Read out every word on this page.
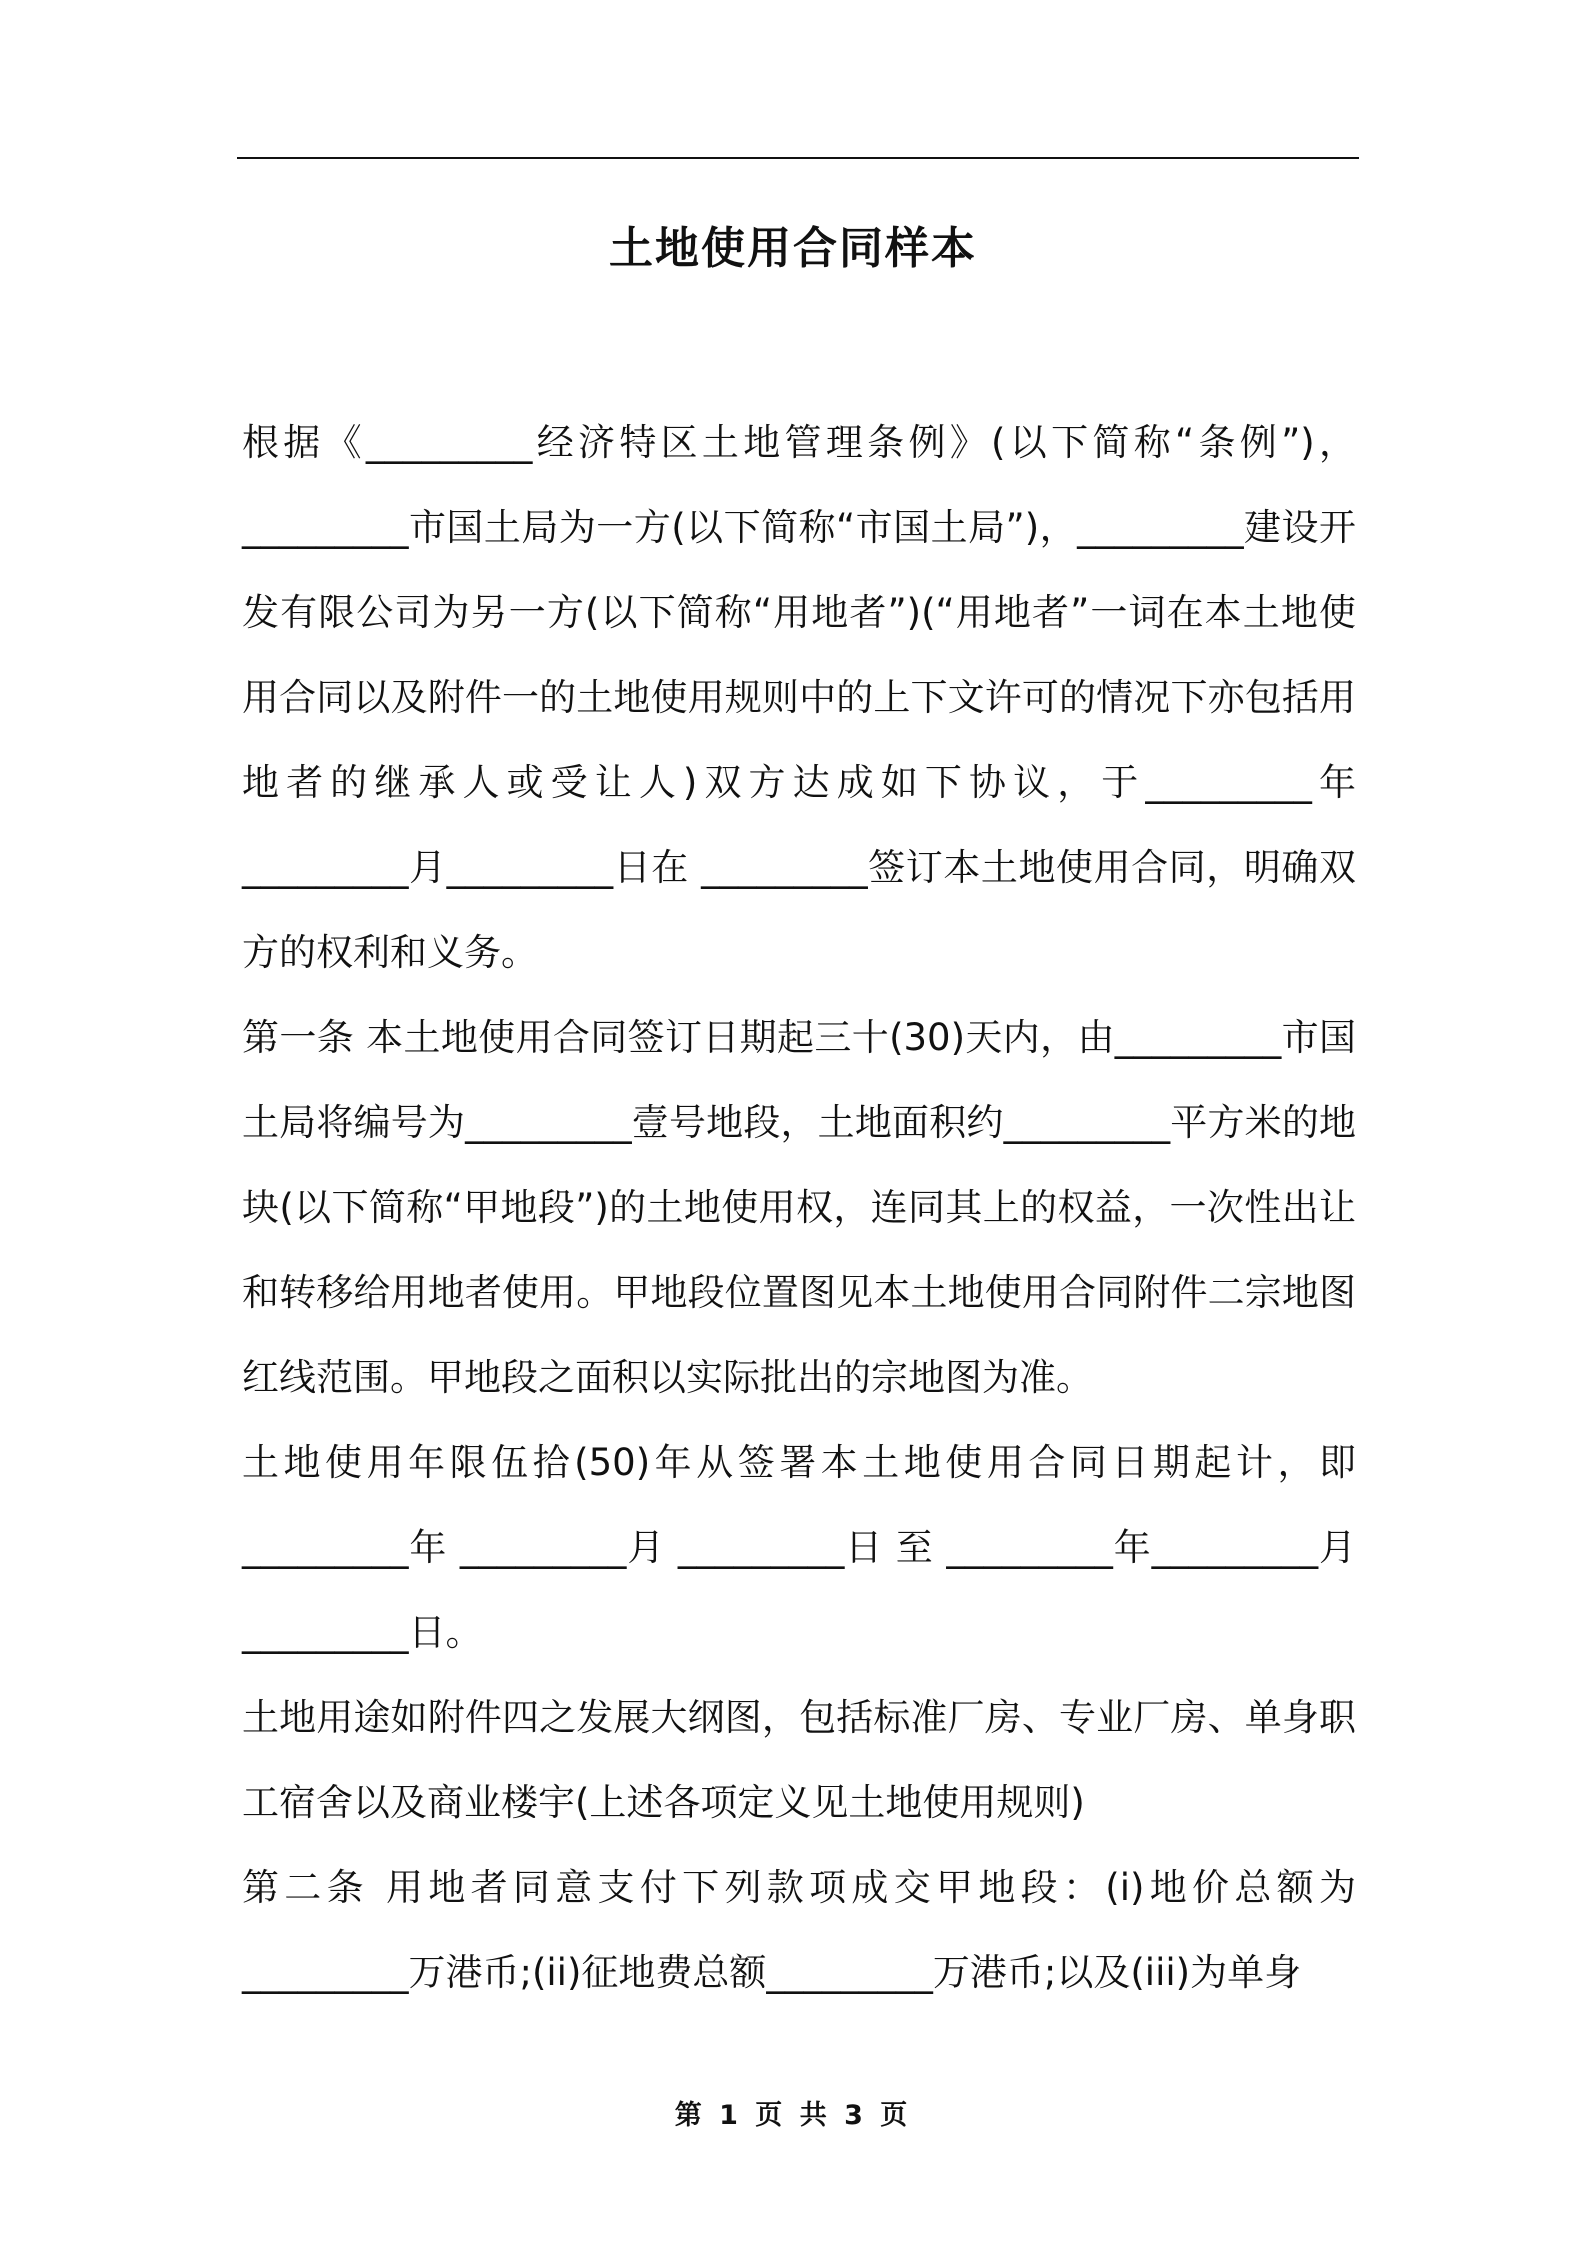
土地使用合同样本

根据《_________经济特区土地管理条例》(以下简称“条例”)，_________市国土局为一方(以下简称“市国土局”)，_________建设开发有限公司为另一方(以下简称“用地者”)(“用地者”一词在本土地使用合同以及附件一的土地使用规则中的上下文许可的情况下亦包括用地者的继承人或受让人)双方达成如下协议，于_________年_________月_________日在 _________签订本土地使用合同，明确双方的权利和义务。

第一条 本土地使用合同签订日期起三十(30)天内，由_________市国土局将编号为_________壹号地段，土地面积约_________平方米的地块(以下简称“甲地段”)的土地使用权，连同其上的权益，一次性出让和转移给用地者使用。甲地段位置图见本土地使用合同附件二宗地图红线范围。甲地段之面积以实际批出的宗地图为准。

土地使用年限伍拾(50)年从签署本土地使用合同日期起计，即_________年 _________月 _________日 至 _________年_________月_________日。

土地用途如附件四之发展大纲图，包括标准厂房、专业厂房、单身职工宿舍以及商业楼宇(上述各项定义见土地使用规则)

第二条 用地者同意支付下列款项成交甲地段：(i)地价总额为_________万港币;(ii)征地费总额_________万港币;以及(iii)为单身

第 1 页 共 3 页
